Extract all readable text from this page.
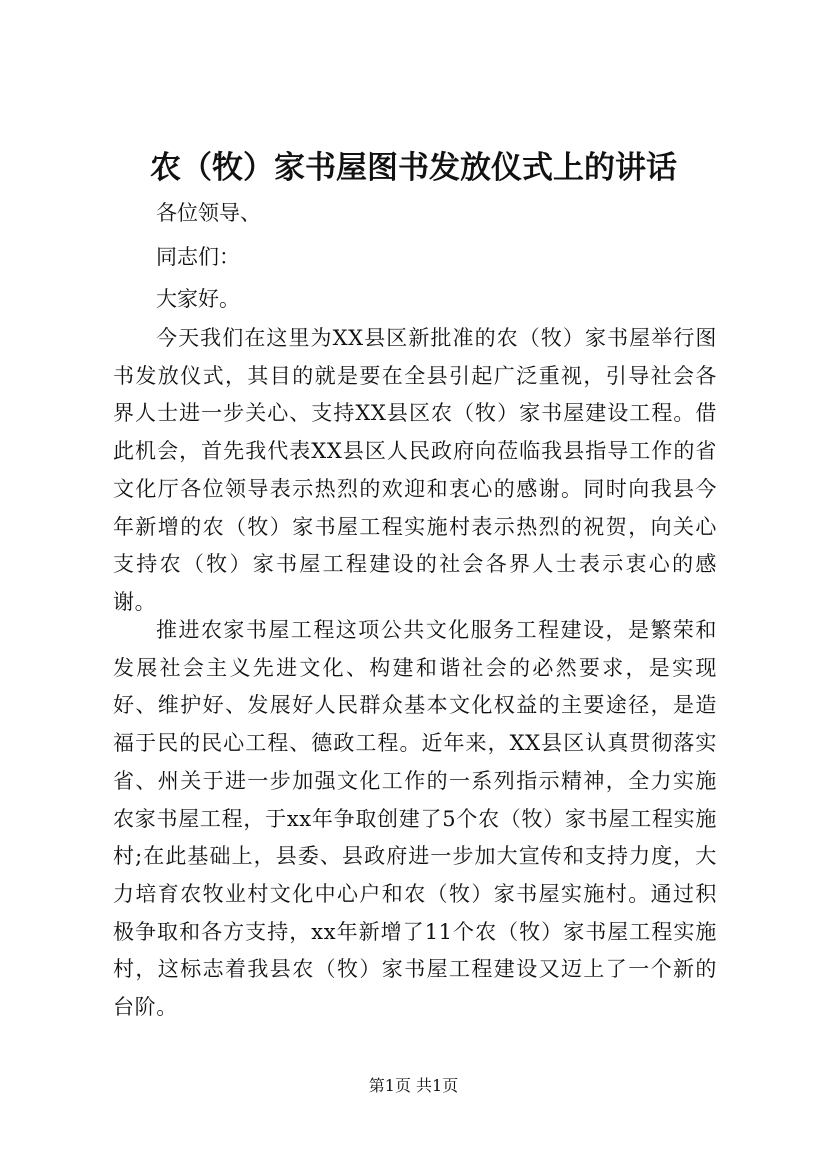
农（牧）家书屋图书发放仪式上的讲话
各位领导、
同志们：
大家好。
今天我们在这里为XX县区新批准的农（牧）家书屋举行图书发放仪式，其目的就是要在全县引起广泛重视，引导社会各界人士进一步关心、支持XX县区农（牧）家书屋建设工程。借此机会，首先我代表XX县区人民政府向莅临我县指导工作的省文化厅各位领导表示热烈的欢迎和衷心的感谢。同时向我县今年新增的农（牧）家书屋工程实施村表示热烈的祝贺，向关心支持农（牧）家书屋工程建设的社会各界人士表示衷心的感谢。
推进农家书屋工程这项公共文化服务工程建设，是繁荣和发展社会主义先进文化、构建和谐社会的必然要求，是实现好、维护好、发展好人民群众基本文化权益的主要途径，是造福于民的民心工程、德政工程。近年来，XX县区认真贯彻落实省、州关于进一步加强文化工作的一系列指示精神，全力实施农家书屋工程，于xx年争取创建了5个农（牧）家书屋工程实施村;在此基础上，县委、县政府进一步加大宣传和支持力度，大力培育农牧业村文化中心户和农（牧）家书屋实施村。通过积极争取和各方支持，xx年新增了11个农（牧）家书屋工程实施村，这标志着我县农（牧）家书屋工程建设又迈上了一个新的台阶。
第1页 共1页
